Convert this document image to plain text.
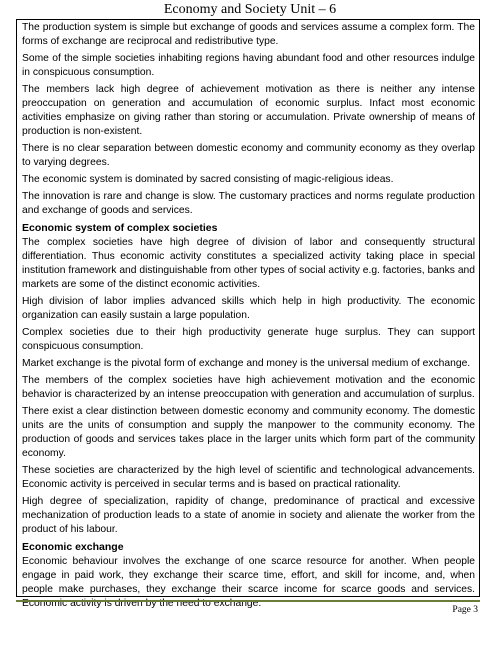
Economy and Society Unit – 6

The production system is simple but exchange of goods and services assume a complex form. The forms of exchange are reciprocal and redistributive type.

Some of the simple societies inhabiting regions having abundant food and other resources indulge in conspicuous consumption.

The members lack high degree of achievement motivation as there is neither any intense preoccupation on generation and accumulation of economic surplus. Infact most economic activities emphasize on giving rather than storing or accumulation. Private ownership of means of production is non-existent.

There is no clear separation between domestic economy and community economy as they overlap to varying degrees.

The economic system is dominated by sacred consisting of magic-religious ideas.

The innovation is rare and change is slow. The customary practices and norms regulate production and exchange of goods and services.

Economic system of complex societies

The complex societies have high degree of division of labor and consequently structural differentiation. Thus economic activity constitutes a specialized activity taking place in special institution framework and distinguishable from other types of social activity e.g. factories, banks and markets are some of the distinct economic activities.

High division of labor implies advanced skills which help in high productivity. The economic organization can easily sustain a large population.

Complex societies due to their high productivity generate huge surplus. They can support conspicuous consumption.

Market exchange is the pivotal form of exchange and money is the universal medium of exchange.

The members of the complex societies have high achievement motivation and the economic behavior is characterized by an intense preoccupation with generation and accumulation of surplus.

There exist a clear distinction between domestic economy and community economy. The domestic units are the units of consumption and supply the manpower to the community economy. The production of goods and services takes place in the larger units which form part of the community economy.

These societies are characterized by the high level of scientific and technological advancements. Economic activity is perceived in secular terms and is based on practical rationality.

High degree of specialization, rapidity of change, predominance of practical and excessive mechanization of production leads to a state of anomie in society and alienate the worker from the product of his labour.

Economic exchange

Economic behaviour involves the exchange of one scarce resource for another. When people engage in paid work, they exchange their scarce time, effort, and skill for income, and, when people make purchases, they exchange their scarce income for scarce goods and services. Economic activity is driven by the need to exchange.

Page 3
